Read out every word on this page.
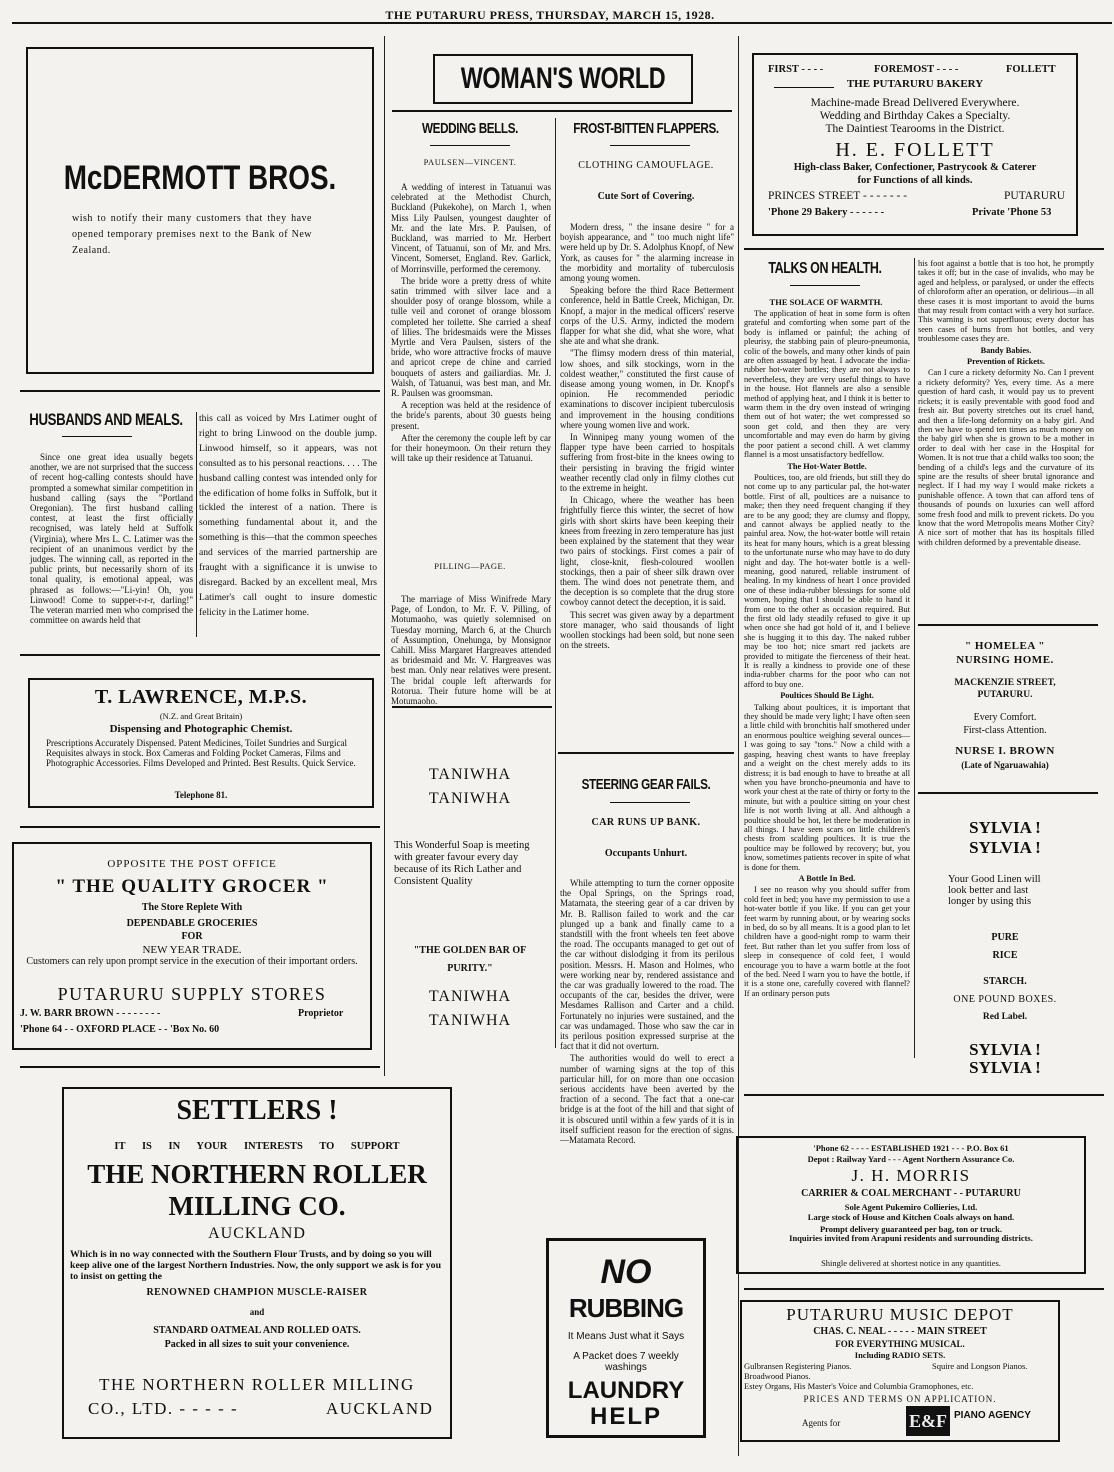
THE PUTARURU PRESS, THURSDAY, MARCH 15, 1928.
McDERMOTT BROS.
wish to notify their many customers that they have opened temporary premises next to the Bank of New Zealand.
HUSBANDS AND MEALS.
Since one great idea usually begets another, we are not surprised that the success of recent hog-calling contests should have prompted a somewhat similar competition in husband calling (says the "Portland Oregonian). The first husband calling contest, at least the first officially recognised, was lately held at Suffolk (Virginia), where Mrs L. C. Latimer was the recipient of an unanimous verdict by the judges. The winning call, as reported in the public prints, but necessarily shorn of its tonal quality, is emotional appeal, was phrased as follows:—"Li-yin! Oh, you Linwood! Come to supper-r-r-r, darling!" The veteran married men who comprised the committee on awards held that
this call as voiced by Mrs Latimer ought of right to bring Linwood on the double jump. Linwood himself, so it appears, was not consulted as to his personal reactions. . . . The husband calling contest was intended only for the edification of home folks in Suffolk, but it tickled the interest of a nation. There is something fundamental about it, and the something is this—that the common speeches and services of the married partnership are fraught with a significance it is unwise to disregard. Backed by an excellent meal, Mrs Latimer's call ought to insure domestic felicity in the Latimer home.
T. LAWRENCE, M.P.S.
(N.Z. and Great Britain)
Dispensing and Photographic Chemist.
Prescriptions Accurately Dispensed. Patent Medicines, Toilet Sundries and Surgical Requisites always in stock. Box Cameras and Folding Pocket Cameras, Films and Photographic Accessories. Films Developed and Printed. Best Results. Quick Service.
Telephone 81.
OPPOSITE THE POST OFFICE
" THE QUALITY GROCER "
The Store Replete With
DEPENDABLE GROCERIES
FOR
NEW YEAR TRADE.
Customers can rely upon prompt service in the execution of their important orders.
PUTARURU SUPPLY STORES
J. W. BARR BROWN - - - - - - - -	Proprietor
'Phone 64 - - OXFORD PLACE - - 'Box No. 60
SETTLERS !
IT IS IN YOUR INTERESTS TO SUPPORT
THE NORTHERN ROLLER
MILLING CO.
AUCKLAND
Which is in no way connected with the Southern Flour Trusts, and by doing so you will keep alive one of the largest Northern Industries. Now, the only support we ask is for you to insist on getting the
RENOWNED CHAMPION MUSCLE-RAISER
and
STANDARD OATMEAL AND ROLLED OATS.
Packed in all sizes to suit your convenience.
THE NORTHERN ROLLER MILLING
CO., LTD. - - - - -	AUCKLAND
WOMAN'S WORLD
WEDDING BELLS.
PAULSEN—VINCENT.

A wedding of interest in Tatuanui was celebrated at the Methodist Church, Buckland (Pukekohe), on March 1, when Miss Lily Paulsen, youngest daughter of Mr. and the late Mrs. P. Paulsen, of Buckland, was married to Mr. Herbert Vincent, of Tatuanui, son of Mr. and Mrs. Vincent, Somerset, England. Rev. Garlick, of Morrinsville, performed the ceremony.

The bride wore a pretty dress of white satin trimmed with silver lace and a shoulder posy of orange blossom, while a tulle veil and coronet of orange blossom completed her toilette. She carried a sheaf of lilies. The bridesmaids were the Misses Myrtle and Vera Paulsen, sisters of the bride, who wore attractive frocks of mauve and apricot crepe de chine and carried bouquets of asters and gailiardias. Mr. J. Walsh, of Tatuanui, was best man, and Mr. R. Paulsen was groomsman.

A reception was held at the residence of the bride's parents, about 30 guests being present.

After the ceremony the couple left by car for their honeymoon. On their return they will take up their residence at Tatuanui.

PILLING—PAGE.
The marriage of Miss Winifrede Mary Page, of London, to Mr. F. V. Pilling, of Motumaoho, was quietly solemnised on Tuesday morning, March 6, at the Church of Assumption, Onehunga, by Monsignor Cahill. Miss Margaret Hargreaves attended as bridesmaid and Mr. V. Hargreaves was best man. Only near relatives were present. The bridal couple left afterwards for Rotorua. Their future home will be at Motumaoho.
FROST-BITTEN FLAPPERS.
CLOTHING CAMOUFLAGE.
Cute Sort of Covering.

Modern dress, " the insane desire " for a boyish appearance, and " too much night life" were held up by Dr. S. Adolphus Knopf, of New York, as causes for " the alarming increase in the morbidity and mortality of tuberculosis among young women.

Speaking before the third Race Betterment conference, held in Battle Creek, Michigan, Dr. Knopf, a major in the medical officers' reserve corps of the U.S. Army, indicted the modern flapper for what she did, what she wore, what she ate and what she drank.

"The flimsy modern dress of thin material, low shoes, and silk stockings, worn in the coldest weather," constituted the first cause of disease among young women, in Dr. Knopf's opinion. He recommended periodic examinations to discover incipient tuberculosis and improvement in the housing conditions where young women live and work.

In Winnipeg many young women of the flapper type have been carried to hospitals suffering from frost-bite in the knees owing to their persisting in braving the frigid winter weather recently clad only in filmy clothes cut to the extreme in height.

In Chicago, where the weather has been frightfully fierce this winter, the secret of how girls with short skirts have been keeping their knees from freezing in zero temperature has just been explained by the statement that they wear two pairs of stockings. First comes a pair of light, close-knit, flesh-coloured woollen stockings, then a pair of sheer silk drawn over them. The wind does not penetrate them, and the deception is so complete that the drug store cowboy cannot detect the deception, it is said.

This secret was given away by a department store manager, who said thousands of light woollen stockings had been sold, but none seen on the streets.

TANIWHA
TANIWHA
This Wonderful Soap is meeting with greater favour every day because of its Rich Lather and Consistent Quality
"THE GOLDEN BAR OF PURITY."
TANIWHA
TANIWHA
STEERING GEAR FAILS.
CAR RUNS UP BANK.
Occupants Unhurt.

While attempting to turn the corner opposite the Opal Springs, on the Springs road, Matamata, the steering gear of a car driven by Mr. B. Rallison failed to work and the car plunged up a bank and finally came to a standstill with the front wheels ten feet above the road. The occupants managed to get out of the car without dislodging it from its perilous position. Messrs. H. Mason and Holmes, who were working near by, rendered assistance and the car was gradually lowered to the road. The occupants of the car, besides the driver, were Mesdames Rallison and Carter and a child. Fortunately no injuries were sustained, and the car was undamaged. Those who saw the car in its perilous position expressed surprise at the fact that it did not overturn.

The authorities would do well to erect a number of warning signs at the top of this particular hill, for on more than one occasion serious accidents have been averted by the fraction of a second. The fact that a one-car bridge is at the foot of the hill and that sight of it is obscured until within a few yards of it is in itself sufficient reason for the erection of signs.—Matamata Record.

NO
RUBBING
It Means Just what it Says
A Packet does 7 weekly washings
LAUNDRY
HELP
FIRST - - - -	FOREMOST - - - -	FOLLETT
THE PUTARURU BAKERY
Machine-made Bread Delivered Everywhere.
Wedding and Birthday Cakes a Specialty.
The Daintiest Tearooms in the District.
H. E. FOLLETT
High-class Baker, Confectioner, Pastrycook & Caterer
for Functions of all kinds.
PRINCES STREET - - - - - - -	PUTARURU
'Phone 29 Bakery - - - - - -	Private 'Phone 53
TALKS ON HEALTH.
THE SOLACE OF WARMTH.

The application of heat in some form is often grateful and comforting when some part of the body is inflamed or painful; the aching of pleurisy, the stabbing pain of pleuro-pneumonia, colic of the bowels, and many other kinds of pain are often assuaged by heat. I advocate the india-rubber hot-water bottles; they are not always to nevertheless, they are very useful things to have in the house. Hot flannels are also a sensible method of applying heat, and I think it is better to warm them in the dry oven instead of wringing them out of hot water; the wet compressed so soon get cold, and then they are very uncomfortable and may even do harm by giving the poor patient a second chill. A wet clammy flannel is a most unsatisfactory bedfellow.

The Hot-Water Bottle.

Poultices, too, are old friends, but still they do not come up to any particular pal, the hot-water bottle. First of all, poultices are a nuisance to make; then they need frequent changing if they are to be any good; they are clumsy and floppy, and cannot always be applied neatly to the painful area. Now, the hot-water bottle will retain its heat for many hours, which is a great blessing to the unfortunate nurse who may have to do duty night and day. The hot-water bottle is a well-meaning, good natured, reliable instrument of healing. In my kindness of heart I once provided one of these india-rubber blessings for some old women, hoping that I should be able to hand it from one to the other as occasion required. But the first old lady steadily refused to give it up when once she had got hold of it, and I believe she is hugging it to this day. The naked rubber may be too hot; nice smart red jackets are provided to mitigate the fierceness of their heat. It is really a kindness to provide one of these india-rubber charms for the poor who can not afford to buy one.

Poultices Should Be Light.

Talking about poultices, it is important that they should be made very light; I have often seen a little child with bronchitis half smothered under an enormous poultice weighing several ounces—I was going to say "tons." Now a child with a gasping, heaving chest wants to have freeplay and a weight on the chest merely adds to its distress; it is bad enough to have to breathe at all when you have broncho-pneumonia and have to work your chest at the rate of thirty or forty to the minute, but with a poultice sitting on your chest life is not worth living at all. And although a poultice should be hot, let there be moderation in all things. I have seen scars on little children's chests from scalding poultices. It is true the poultice may be followed by recovery; but, you know, sometimes patients recover in spite of what is done for them.

A Bottle In Bed.

I see no reason why you should suffer from cold feet in bed; you have my permission to use a hot-water bottle if you like. If you can get your feet warm by running about, or by wearing socks in bed, do so by all means. It is a good plan to let children have a good-night romp to warm their feet. But rather than let you suffer from loss of sleep in consequence of cold feet, I would encourage you to have a warm bottle at the foot of the bed. Need I warn you to have the bottle, if it is a stone one, carefully covered with flannel? If an ordinary person puts

his foot against a bottle that is too hot, he promptly takes it off; but in the case of invalids, who may be aged and helpless, or paralysed, or under the effects of chloroform after an operation, or delirious—in all these cases it is most important to avoid the burns that may result from contact with a very hot surface. This warning is not superfluous; every doctor has seen cases of burns from hot bottles, and very troublesome cases they are.

Bandy Babies.

Prevention of Rickets.

Can I cure a rickety deformity No. Can I prevent a rickety deformity? Yes, every time. As a mere question of hard cash, it would pay us to prevent rickets; it is easily preventable with good food and fresh air. But poverty stretches out its cruel hand, and then a life-long deformity on a baby girl. And then we have to spend ten times as much money on the baby girl when she is grown to be a mother in order to deal with her case in the Hospital for Women. It is not true that a child walks too soon; the bending of a child's legs and the curvature of its spine are the results of sheer brutal ignorance and neglect. If I had my way I would make rickets a punishable offence. A town that can afford tens of thousands of pounds on luxuries can well afford some fresh food and milk to prevent rickets. Do you know that the word Metropolis means Mother City? A nice sort of mother that has its hospitals filled with children deformed by a preventable disease.

" HOMELEA "
NURSING HOME.
MACKENZIE STREET,
PUTARURU.
Every Comfort.
First-class Attention.
NURSE I. BROWN
(Late of Ngaruawahia)
SYLVIA !
SYLVIA !
Your Good Linen will look better and last longer by using this
PURE
RICE
STARCH.
ONE POUND BOXES.
Red Label.
SYLVIA !
SYLVIA !
'Phone 62 - - - - ESTABLISHED 1921 - - - P.O. Box 61
Depot : Railway Yard - - - Agent Northern Assurance Co.
J. H. MORRIS
CARRIER & COAL MERCHANT - - PUTARURU
Sole Agent Pukemiro Collieries, Ltd.
Large stock of House and Kitchen Coals always on hand.
Prompt delivery guaranteed per bag, ton or truck.
Inquiries invited from Arapuni residents and surrounding districts.
Shingle delivered at shortest notice in any quantities.
PUTARURU MUSIC DEPOT
CHAS. C. NEAL - - - - - MAIN STREET
FOR EVERYTHING MUSICAL.
Including RADIO SETS.
Gulbransen Registering Pianos.	Squire and Longson Pianos.
Broadwood Pianos.
Estey Organs, His Master's Voice and Columbia Gramophones, etc.
PRICES AND TERMS ON APPLICATION.
Agents for	E&F PIANO AGENCY
